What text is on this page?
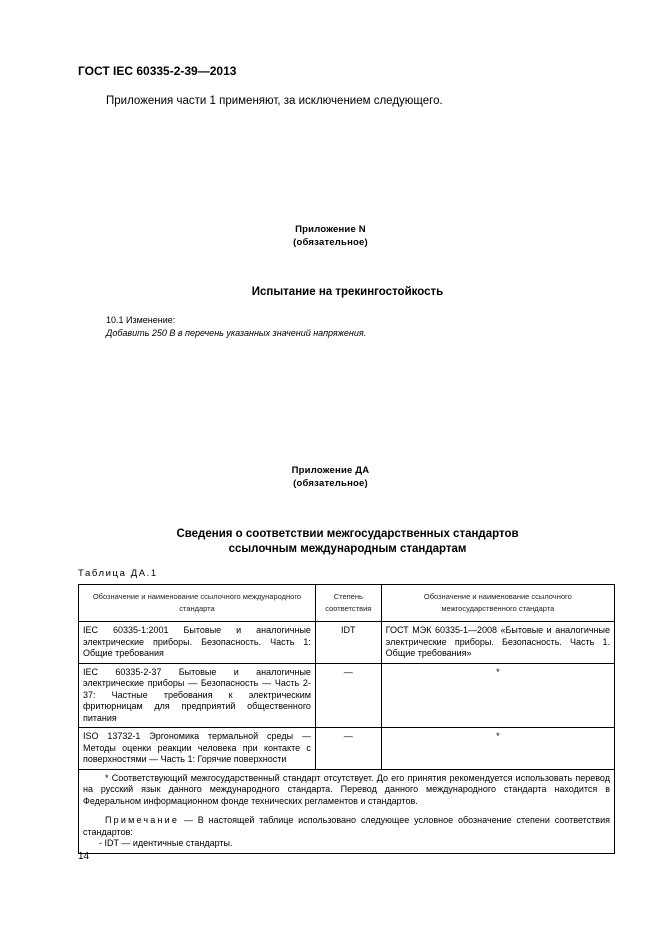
ГОСТ IEC 60335-2-39—2013
Приложения части 1 применяют, за исключением следующего.
Приложение N
(обязательное)
Испытание на трекингостойкость
10.1 Изменение:
Добавить 250 В в перечень указанных значений напряжения.
Приложение ДА
(обязательное)
Сведения о соответствии межгосударственных стандартов
ссылочным международным стандартам
Таблица ДА.1
Обозначение и наименование ссылочного международного стандарта	Степень соответствия	Обозначение и наименование ссылочного межгосударственного стандарта
IEC 60335-1:2001 Бытовые и аналогичные электрические приборы. Безопасность. Часть 1: Общие требования	IDT	ГОСТ МЭК 60335-1—2008 «Бытовые и аналогичные электрические приборы. Безопасность. Часть 1. Общие требования»
IEC 60335-2-37 Бытовые и аналогичные электрические приборы — Безопасность — Часть 2-37: Частные требования к электрическим фритюрницам для предприятий общественного питания	—	*
ISO 13732-1 Эргономика термальной среды — Методы оценки реакции человека при контакте с поверхностями — Часть 1: Горячие поверхности	—	*

* Соответствующий межгосударственный стандарт отсутствует. До его принятия рекомендуется использовать перевод на русский язык данного международного стандарта. Перевод данного международного стандарта находится в Федеральном информационном фонде технических регламентов и стандартов.

Примечание — В настоящей таблице использовано следующее условное обозначение степени соответствия стандартов:

- IDT — идентичные стандарты.		

14
